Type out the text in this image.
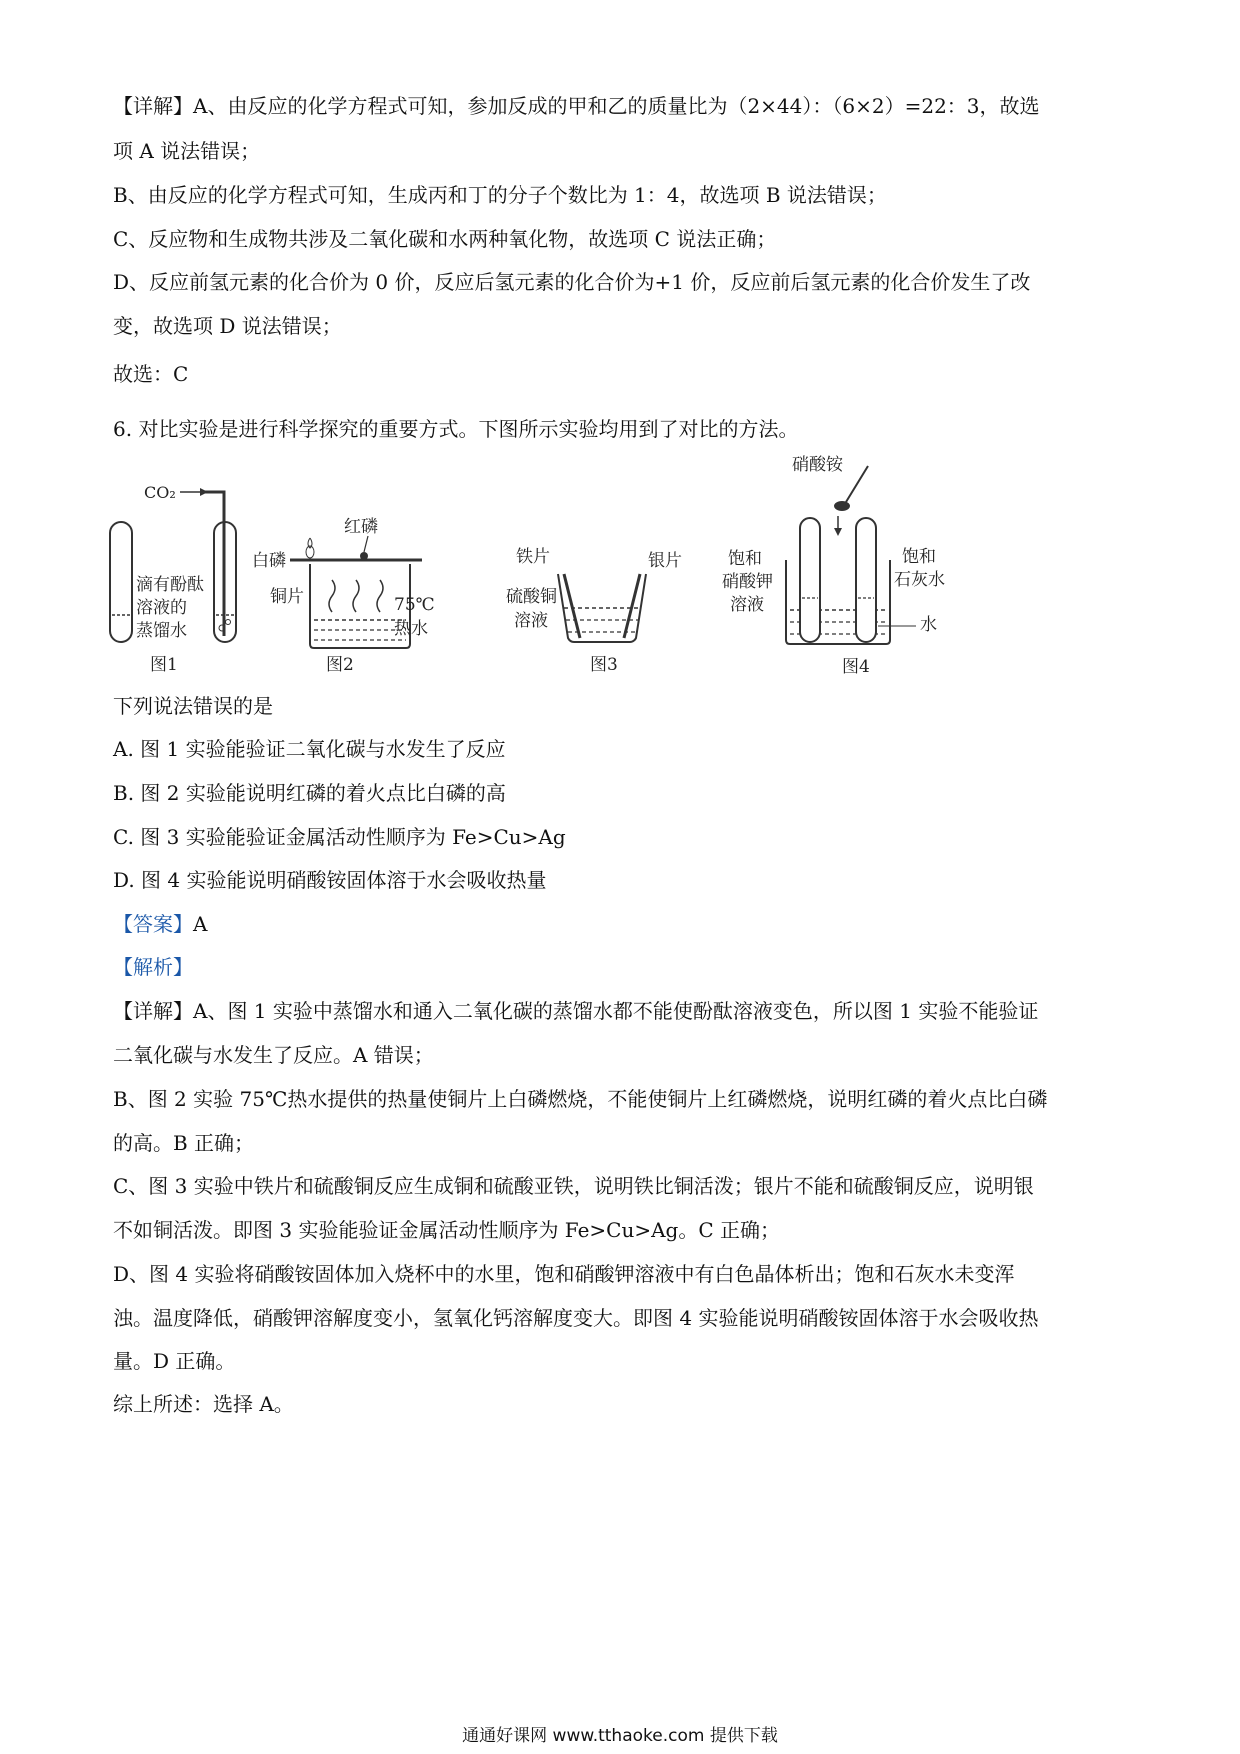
【详解】A、由反应的化学方程式可知，参加反成的甲和乙的质量比为（2×44）：（6×2）=22：3，故选
项 A 说法错误；
B、由反应的化学方程式可知，生成丙和丁的分子个数比为 1：4，故选项 B 说法错误；
C、反应物和生成物共涉及二氧化碳和水两种氧化物，故选项 C 说法正确；
D、反应前氢元素的化合价为 0 价，反应后氢元素的化合价为+1 价，反应前后氢元素的化合价发生了改
变，故选项 D 说法错误；
故选：C
6. 对比实验是进行科学探究的重要方式。下图所示实验均用到了对比的方法。
CO₂
滴有酚酞
溶液的
蒸馏水
图1
白磷
红磷
铜片	75℃
热水
图2
铁片	银片
硫酸铜
溶液
图3
硝酸铵
饱和
硝酸钾
溶液
饱和
石灰水
水
图4
下列说法错误的是
A. 图 1 实验能验证二氧化碳与水发生了反应
B. 图 2 实验能说明红磷的着火点比白磷的高
C. 图 3 实验能验证金属活动性顺序为 Fe>Cu>Ag
D. 图 4 实验能说明硝酸铵固体溶于水会吸收热量
【答案】A
【解析】
【详解】A、图 1 实验中蒸馏水和通入二氧化碳的蒸馏水都不能使酚酞溶液变色，所以图 1 实验不能验证
二氧化碳与水发生了反应。A 错误；
B、图 2 实验 75℃热水提供的热量使铜片上白磷燃烧，不能使铜片上红磷燃烧，说明红磷的着火点比白磷
的高。B 正确；
C、图 3 实验中铁片和硫酸铜反应生成铜和硫酸亚铁，说明铁比铜活泼；银片不能和硫酸铜反应，说明银
不如铜活泼。即图 3 实验能验证金属活动性顺序为 Fe>Cu>Ag。C 正确；
D、图 4 实验将硝酸铵固体加入烧杯中的水里，饱和硝酸钾溶液中有白色晶体析出；饱和石灰水未变浑
浊。温度降低，硝酸钾溶解度变小，氢氧化钙溶解度变大。即图 4 实验能说明硝酸铵固体溶于水会吸收热
量。D 正确。
综上所述：选择 A。
通通好课网 www.tthaoke.com 提供下载
